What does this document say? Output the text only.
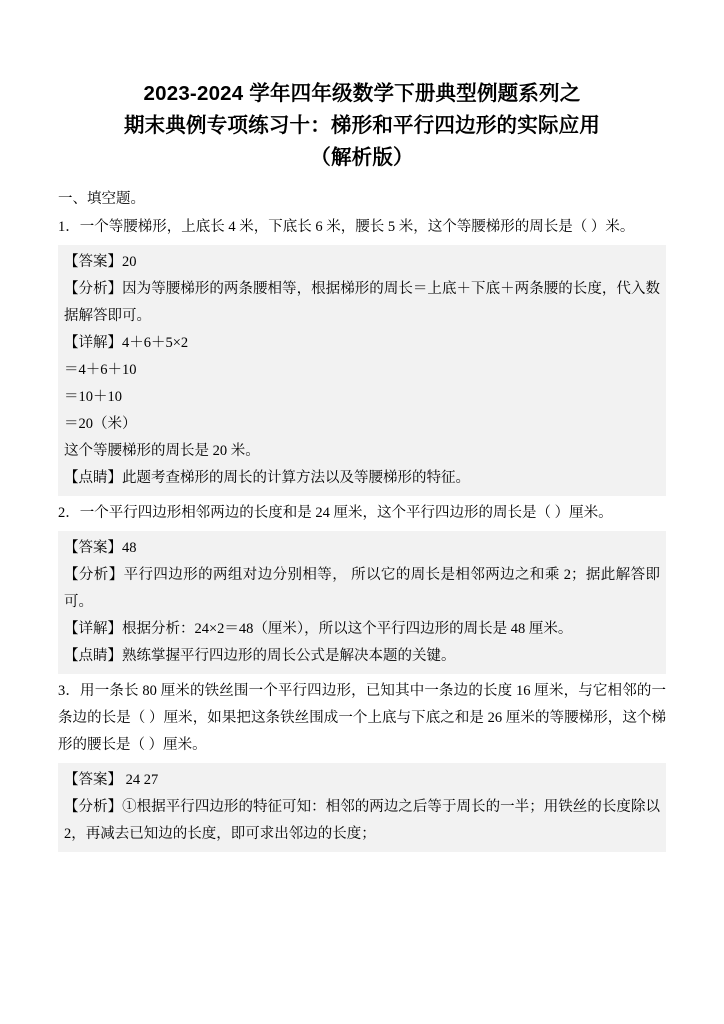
2023-2024 学年四年级数学下册典型例题系列之
期末典例专项练习十：梯形和平行四边形的实际应用
（解析版）
一、填空题。
1．一个等腰梯形，上底长 4 米，下底长 6 米，腰长 5 米，这个等腰梯形的周长是（ ）米。

【答案】20

【分析】因为等腰梯形的两条腰相等，根据梯形的周长＝上底＋下底＋两条腰的长度，代入数据解答即可。

【详解】4＋6＋5×2

＝4＋6＋10

＝10＋10

＝20（米）

这个等腰梯形的周长是 20 米。

【点睛】此题考查梯形的周长的计算方法以及等腰梯形的特征。

2．一个平行四边形相邻两边的长度和是 24 厘米，这个平行四边形的周长是（ ）厘米。

【答案】48

【分析】平行四边形的两组对边分别相等， 所以它的周长是相邻两边之和乘 2；据此解答即可。

【详解】根据分析：24×2＝48（厘米），所以这个平行四边形的周长是 48 厘米。

【点睛】熟练掌握平行四边形的周长公式是解决本题的关键。

3．用一条长 80 厘米的铁丝围一个平行四边形，已知其中一条边的长度 16 厘米，与它相邻的一条边的长是（ ）厘米，如果把这条铁丝围成一个上底与下底之和是 26 厘米的等腰梯形，这个梯形的腰长是（ ）厘米。

【答案】 24 27

【分析】①根据平行四边形的特征可知：相邻的两边之后等于周长的一半；用铁丝的长度除以 2，再减去已知边的长度，即可求出邻边的长度；
